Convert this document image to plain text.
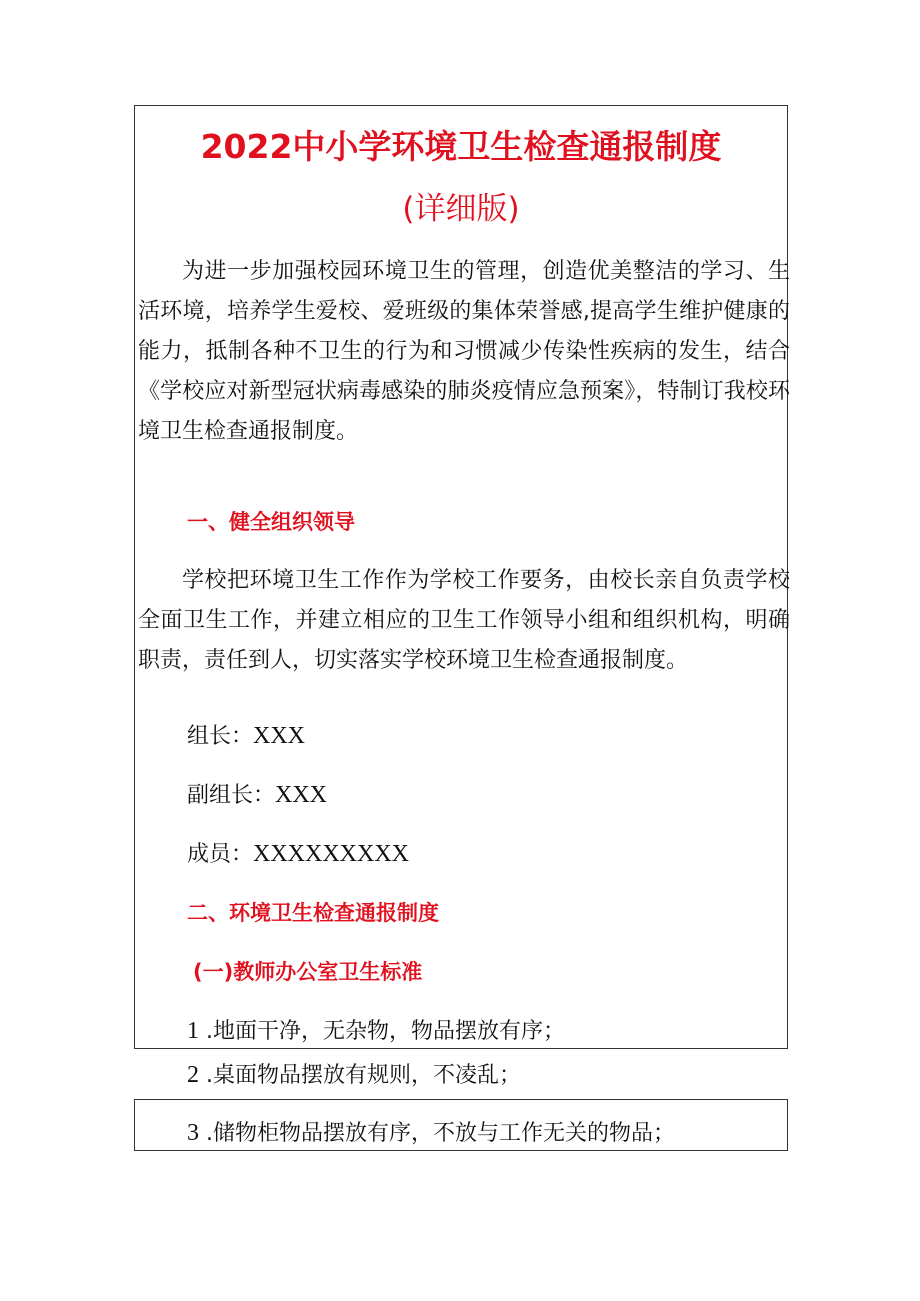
2022中小学环境卫生检查通报制度
(详细版)

为进一步加强校园环境卫生的管理，创造优美整洁的学习、生活环境，培养学生爱校、爱班级的集体荣誉感,提高学生维护健康的能力，抵制各种不卫生的行为和习惯减少传染性疾病的发生，结合《学校应对新型冠状病毒感染的肺炎疫情应急预案》，特制订我校环境卫生检查通报制度。

一、健全组织领导

学校把环境卫生工作作为学校工作要务，由校长亲自负责学校全面卫生工作，并建立相应的卫生工作领导小组和组织机构，明确职责，责任到人，切实落实学校环境卫生检查通报制度。

组长：XXX
副组长：XXX
成员：XXXXXXXXX
二、环境卫生检查通报制度
(一)教师办公室卫生标准
1 .地面干净，无杂物，物品摆放有序；
2 .桌面物品摆放有规则，不凌乱；
3 .储物柜物品摆放有序，不放与工作无关的物品；
